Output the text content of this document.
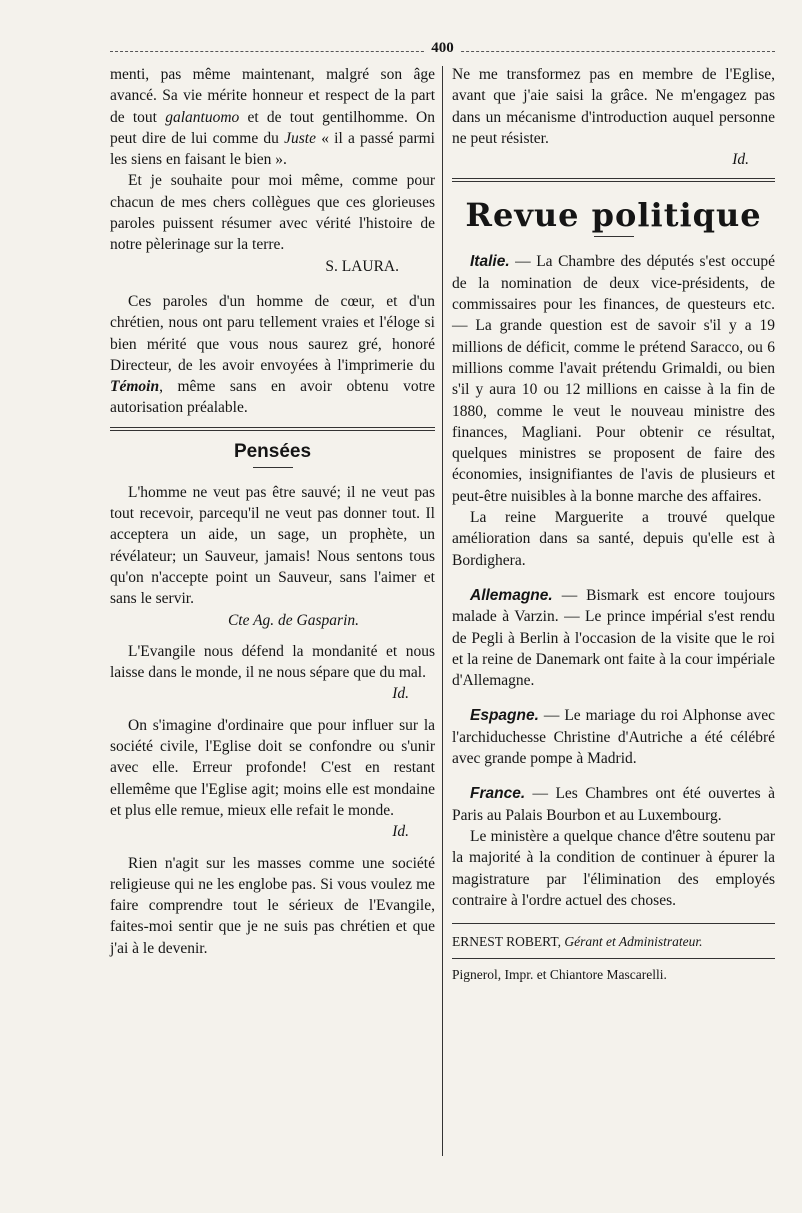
400

menti, pas même maintenant, malgré son âge avancé. Sa vie mérite honneur et respect de la part de tout galantuomo et de tout gentilhomme. On peut dire de lui comme du Juste « il a passé parmi les siens en faisant le bien ».

Et je souhaite pour moi même, comme pour chacun de mes chers collègues que ces glorieuses paroles puissent résumer avec vérité l'histoire de notre pèlerinage sur la terre.

S. LAURA.

Ces paroles d'un homme de cœur, et d'un chrétien, nous ont paru tellement vraies et l'éloge si bien mérité que vous nous saurez gré, honoré Directeur, de les avoir envoyées à l'imprimerie du Témoin, même sans en avoir obtenu votre autorisation préalable.

Pensées

L'homme ne veut pas être sauvé; il ne veut pas tout recevoir, parcequ'il ne veut pas donner tout. Il acceptera un aide, un sage, un prophète, un révélateur; un Sauveur, jamais! Nous sentons tous qu'on n'accepte point un Sauveur, sans l'aimer et sans le servir.

Cte Ag. de Gasparin.

L'Evangile nous défend la mondanité et nous laisse dans le monde, il ne nous sépare que du mal.

Id.

On s'imagine d'ordinaire que pour influer sur la société civile, l'Eglise doit se confondre ou s'unir avec elle. Erreur profonde! C'est en restant ellemême que l'Eglise agit; moins elle est mondaine et plus elle remue, mieux elle refait le monde.

Id.

Rien n'agit sur les masses comme une société religieuse qui ne les englobe pas. Si vous voulez me faire comprendre tout le sérieux de l'Evangile, faites-moi sentir que je ne suis pas chrétien et que j'ai à le devenir.

Ne me transformez pas en membre de l'Eglise, avant que j'aie saisi la grâce. Ne m'engagez pas dans un mécanisme d'introduction auquel personne ne peut résister.

Id.

Revue politique

Italie. — La Chambre des députés s'est occupé de la nomination de deux vice-présidents, de commissaires pour les finances, de questeurs etc. — La grande question est de savoir s'il y a 19 millions de déficit, comme le prétend Saracco, ou 6 millions comme l'avait prétendu Grimaldi, ou bien s'il y aura 10 ou 12 millions en caisse à la fin de 1880, comme le veut le nouveau ministre des finances, Magliani. Pour obtenir ce résultat, quelques ministres se proposent de faire des économies, insignifiantes de l'avis de plusieurs et peut-être nuisibles à la bonne marche des affaires.

La reine Marguerite a trouvé quelque amélioration dans sa santé, depuis qu'elle est à Bordighera.

Allemagne. — Bismark est encore toujours malade à Varzin. — Le prince impérial s'est rendu de Pegli à Berlin à l'occasion de la visite que le roi et la reine de Danemark ont faite à la cour impériale d'Allemagne.

Espagne. — Le mariage du roi Alphonse avec l'archiduchesse Christine d'Autriche a été célébré avec grande pompe à Madrid.

France. — Les Chambres ont été ouvertes à Paris au Palais Bourbon et au Luxembourg.

Le ministère a quelque chance d'être soutenu par la majorité à la condition de continuer à épurer la magistrature par l'élimination des employés contraire à l'ordre actuel des choses.

ERNEST ROBERT, Gérant et Administrateur.

Pignerol, Impr. et Chiantore Mascarelli.
